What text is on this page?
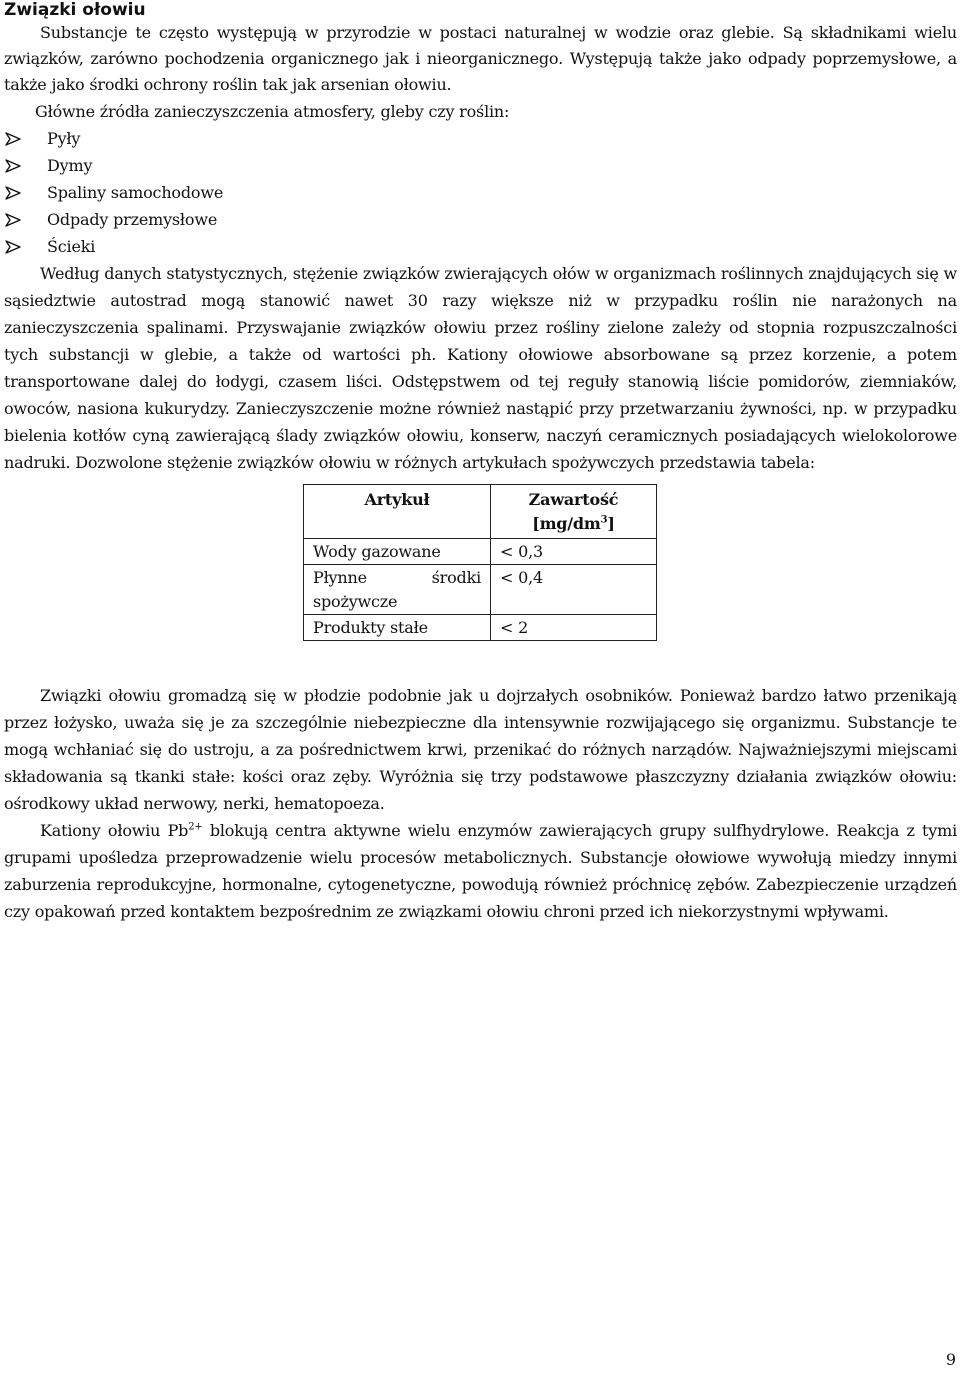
Związki ołowiu

Substancje te często występują w przyrodzie w postaci naturalnej w wodzie oraz glebie. Są składnikami wielu związków, zarówno pochodzenia organicznego jak i nieorganicznego. Występują także jako odpady poprzemysłowe, a także jako środki ochrony roślin tak jak arsenian ołowiu.

Główne źródła zanieczyszczenia atmosfery, gleby czy roślin:

Pyły
Dymy
Spaliny samochodowe
Odpady przemysłowe
Ścieki

Według danych statystycznych, stężenie związków zwierających ołów w organizmach roślinnych znajdujących się w sąsiedztwie autostrad mogą stanowić nawet 30 razy większe niż w przypadku roślin nie narażonych na zanieczyszczenia spalinami. Przyswajanie związków ołowiu przez rośliny zielone zależy od stopnia rozpuszczalności tych substancji w glebie, a także od wartości ph. Kationy ołowiowe absorbowane są przez korzenie, a potem transportowane dalej do łodygi, czasem liści. Odstępstwem od tej reguły stanowią liście pomidorów, ziemniaków, owoców, nasiona kukurydzy. Zanieczyszczenie możne również nastąpić przy przetwarzaniu żywności, np. w przypadku bielenia kotłów cyną zawierającą ślady związków ołowiu, konserw, naczyń ceramicznych posiadających wielokolorowe nadruki. Dozwolone stężenie związków ołowiu w różnych artykułach spożywczych przedstawia tabela:

Artykuł	Zawartość
$[mg/dm^3]$
Wody gazowane	< 0,3
Płynne środki spożywcze	< 0,4
Produkty stałe	< 2

Związki ołowiu gromadzą się w płodzie podobnie jak u dojrzałych osobników. Ponieważ bardzo łatwo przenikają przez łożysko, uważa się je za szczególnie niebezpieczne dla intensywnie rozwijającego się organizmu. Substancje te mogą wchłaniać się do ustroju, a za pośrednictwem krwi, przenikać do różnych narządów. Najważniejszymi miejscami składowania są tkanki stałe: kości oraz zęby. Wyróżnia się trzy podstawowe płaszczyzny działania związków ołowiu: ośrodkowy układ nerwowy, nerki, hematopoeza.

Kationy ołowiu $Pb^{2+}$ blokują centra aktywne wielu enzymów zawierających grupy sulfhydrylowe. Reakcja z tymi grupami upośledza przeprowadzenie wielu procesów metabolicznych. Substancje ołowiowe wywołują miedzy innymi zaburzenia reprodukcyjne, hormonalne, cytogenetyczne, powodują również próchnicę zębów. Zabezpieczenie urządzeń czy opakowań przed kontaktem bezpośrednim ze związkami ołowiu chroni przed ich niekorzystnymi wpływami.

9
